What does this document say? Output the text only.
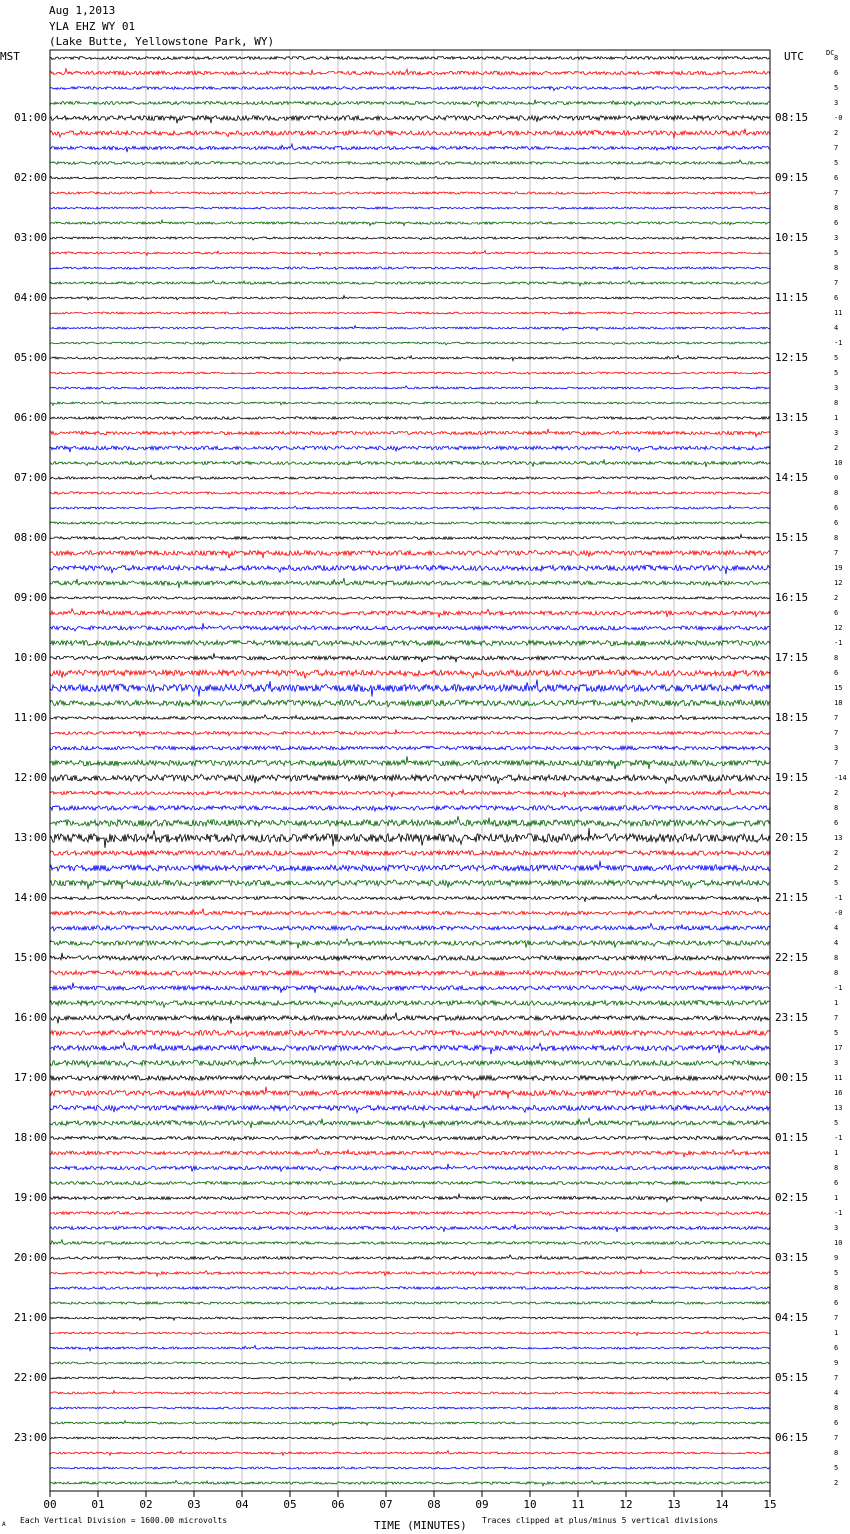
Aug 1,2013
YLA EHZ WY 01
(Lake Butte, Yellowstone Park, WY)
MST	UTC	DC
00	01	02	03	04	05	06	07	08	09	10	11	12	13	14	15
01:00
02:00
03:00
04:00
05:00
06:00
07:00
08:00
09:00
10:00
11:00
12:00
13:00
14:00
15:00
16:00
17:00
18:00
19:00
20:00
21:00
22:00
23:00
08:15
09:15
10:15
11:15
12:15
13:15
14:15
15:15
16:15
17:15
18:15
19:15
20:15
21:15
22:15
23:15
00:15
01:15
02:15
03:15
04:15
05:15
06:15
8
6
5
3
-0
2
7
5
6
7
8
6
3
5
8
7
6
11
4
-1
5
5
3
8
1
3
2
10
0
8
6
6
8
7
19
12
2
6
12
-1
8
6
15
18
7
7
3
7
-14
2
8
6
13
2
2
5
-1
-0
4
4
8
8
-1
1
7
5
17
3
11
16
13
5
-1
1
8
6
1
-1
3
10
9
5
8
6
7
1
6
9
7
4
8
6
7
8
5
2
A Each Vertical Division = 1600.00 microvolts	TIME (MINUTES) Traces clipped at plus/minus 5 vertical divisions
